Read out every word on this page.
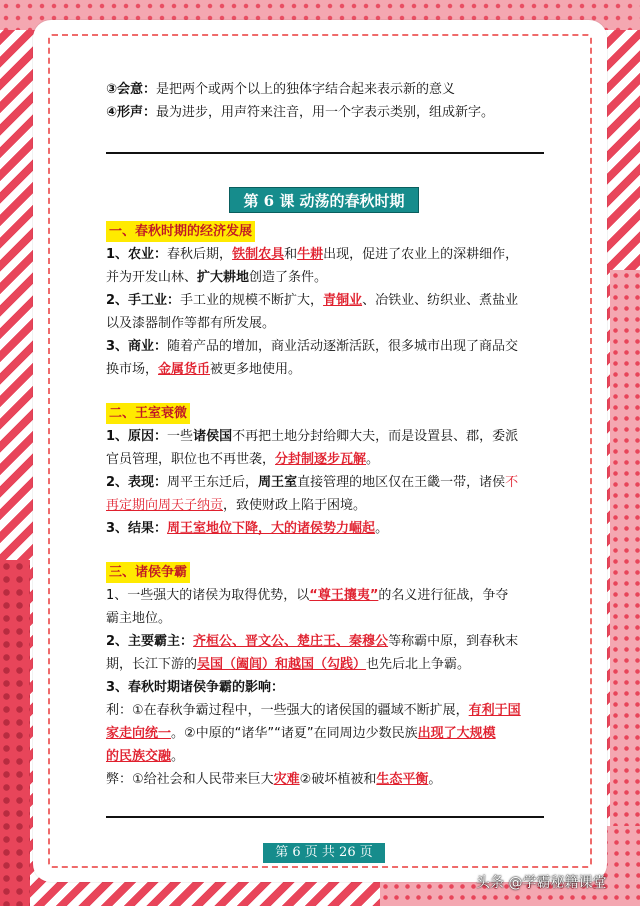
③会意：是把两个或两个以上的独体字结合起来表示新的意义
④形声：最为进步，用声符来注音，用一个字表示类别，组成新字。
第 6 课 动荡的春秋时期
一、春秋时期的经济发展
1、农业：春秋后期，铁制农具和牛耕出现，促进了农业上的深耕细作，
并为开发山林、扩大耕地创造了条件。
2、手工业：手工业的规模不断扩大，青铜业、冶铁业、纺织业、煮盐业
以及漆器制作等都有所发展。
3、商业：随着产品的增加，商业活动逐渐活跃，很多城市出现了商品交
换市场，金属货币被更多地使用。
二、王室衰微
1、原因：一些诸侯国不再把土地分封给卿大夫，而是设置县、郡，委派
官员管理，职位也不再世袭，分封制逐步瓦解。
2、表现：周平王东迁后，周王室直接管理的地区仅在王畿一带，诸侯不
再定期向周天子纳贡，致使财政上陷于困境。
3、结果：周王室地位下降，大的诸侯势力崛起。
三、诸侯争霸
1、一些强大的诸侯为取得优势，以“尊王攘夷”的名义进行征战，争夺
霸主地位。
2、主要霸主：齐桓公、晋文公、楚庄王、秦穆公等称霸中原，到春秋末
期，长江下游的吴国（阖闾）和越国（勾践）也先后北上争霸。
3、春秋时期诸侯争霸的影响：
利：①在春秋争霸过程中，一些强大的诸侯国的疆域不断扩展，有利于国
家走向统一。②中原的“诸华”“诸夏”在同周边少数民族出现了大规模
的民族交融。
弊：①给社会和人民带来巨大灾难②破坏植被和生态平衡。
第 6 页 共 26 页
头条 @学霸秘籍课堂
